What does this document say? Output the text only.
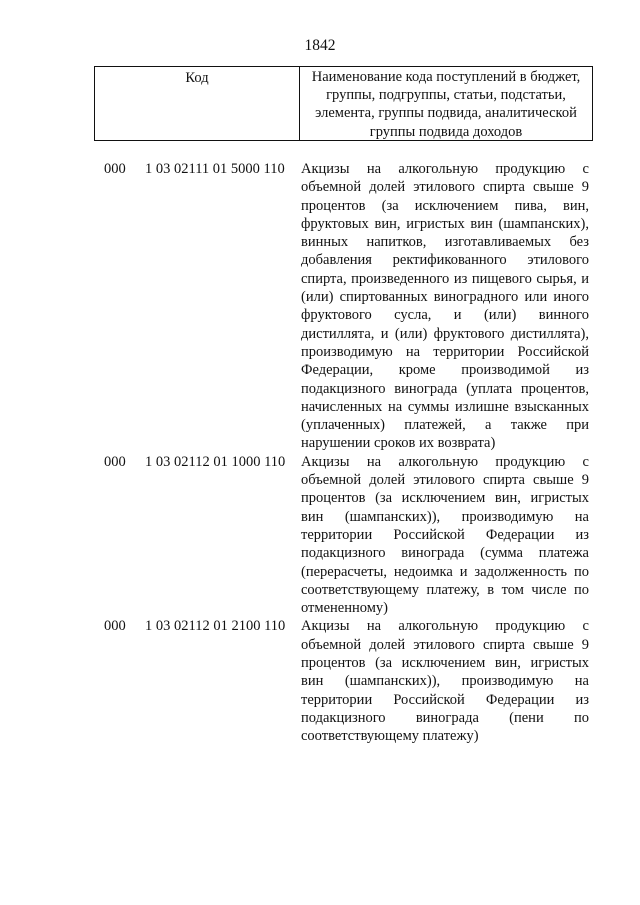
1842
Код	Наименование кода поступлений в бюджет, группы, подгруппы, статьи, подстатьи, элемента, группы подвида, аналитической группы подвида доходов
000	1 03 02111 01 5000 110	Акцизы на алкогольную продукцию с объемной долей этилового спирта свыше 9 процентов (за исключением пива, вин, фруктовых вин, игристых вин (шампанских), винных напитков, изготавливаемых без добавления ректификованного этилового спирта, произведенного из пищевого сырья, и (или) спиртованных виноградного или иного фруктового сусла, и (или) винного дистиллята, и (или) фруктового дистиллята), производимую на территории Российской Федерации, кроме производимой из подакцизного винограда (уплата процентов, начисленных на суммы излишне взысканных (уплаченных) платежей, а также при нарушении сроков их возврата)
000	1 03 02112 01 1000 110	Акцизы на алкогольную продукцию с объемной долей этилового спирта свыше 9 процентов (за исключением вин, игристых вин (шампанских)), производимую на территории Российской Федерации из подакцизного винограда (сумма платежа (перерасчеты, недоимка и задолженность по соответствующему платежу, в том числе по отмененному)
000	1 03 02112 01 2100 110	Акцизы на алкогольную продукцию с объемной долей этилового спирта свыше 9 процентов (за исключением вин, игристых вин (шампанских)), производимую на территории Российской Федерации из подакцизного винограда (пени по соответствующему платежу)
